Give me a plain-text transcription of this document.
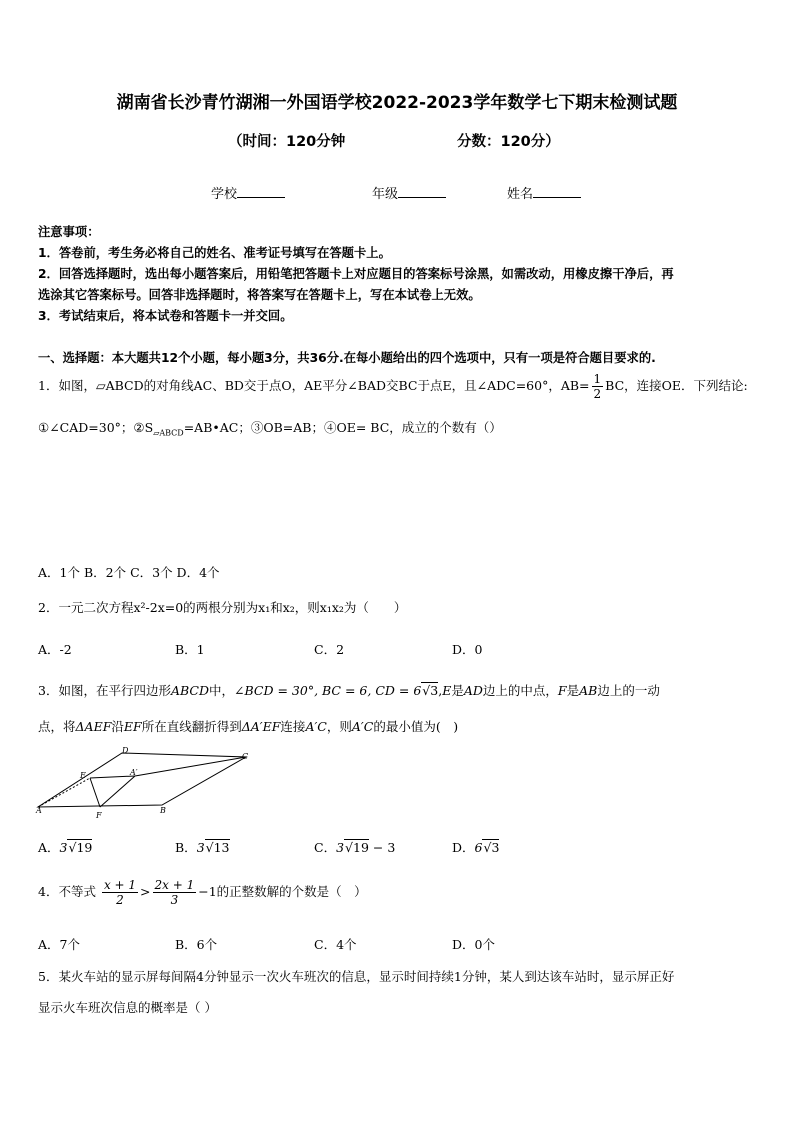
湖南省长沙青竹湖湘一外国语学校2022-2023学年数学七下期末检测试题
（时间：120分钟	分数：120分）
学校	年级	姓名
注意事项：
1．答卷前，考生务必将自己的姓名、准考证号填写在答题卡上。
2．回答选择题时，选出每小题答案后，用铅笔把答题卡上对应题目的答案标号涂黑，如需改动，用橡皮擦干净后，再
选涂其它答案标号。回答非选择题时，将答案写在答题卡上，写在本试卷上无效。
3．考试结束后，将本试卷和答题卡一并交回。
一、选择题：本大题共12个小题，每小题3分，共36分.在每小题给出的四个选项中，只有一项是符合题目要求的.
1．如图，▱ABCD的对角线AC、BD交于点O，AE平分∠BAD交BC于点E，且∠ADC=60°，$AB= \frac{1}{2}$ BC，连接OE．下列结论:
①∠CAD=30°；$②S_{▱ABCD}=AB•AC$；③OB=AB；④OE= BC，成立的个数有（）
A．1个 B．2个 C．3个 D．4个
2．一元二次方程x²-2x=0的两根分别为x₁和x₂，则x₁x₂为（　　）
A．-2	B．1	C．2	D．0
3．如图，在平行四边形ABCD中，∠BCD = 30°, BC = 6, CD = 6√3,E是AD边上的中点，F是AB边上的一动
点，将ΔAEF沿EF所在直线翻折得到ΔA′EF连接A′C，则A′C的最小值为(　)
D
C
E	A′
A
F
B
A．3√19	B．3√13	C．3√19 − 3	D．6√3
4．不等式 $\frac{x + 1}{2} > \frac{2x + 1}{3} -1$的正整数解的个数是（　）
A．7个	B．6个	C．4个	D．0个
5．某火车站的显示屏每间隔4分钟显示一次火车班次的信息，显示时间持续1分钟，某人到达该车站时，显示屏正好
显示火车班次信息的概率是（ ）
